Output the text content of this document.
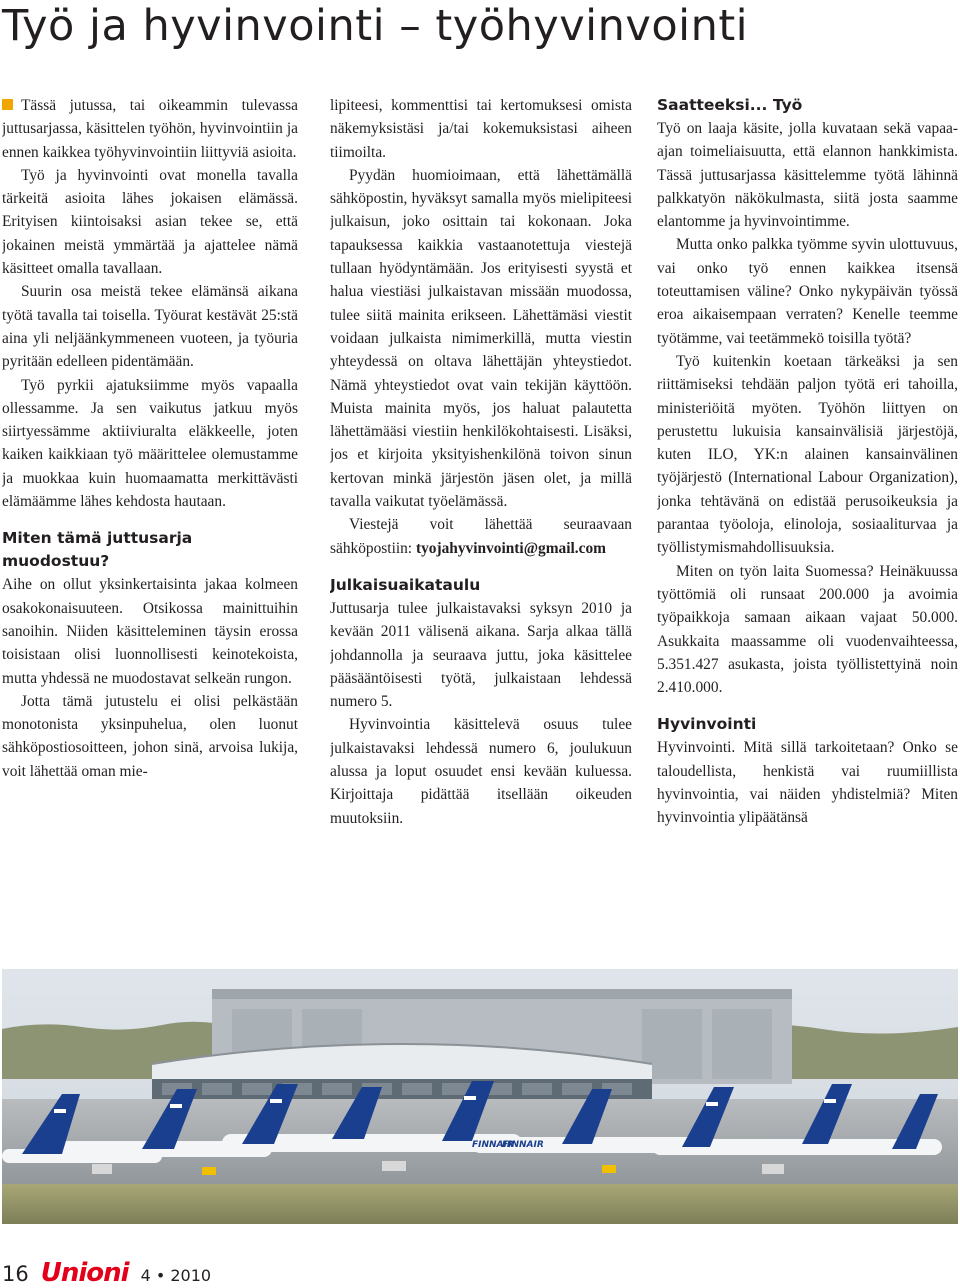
Työ ja hyvinvointi – työhyvinvointi

Tässä jutussa, tai oikeammin tulevassa juttusarjassa, käsittelen työhön, hyvinvointiin ja ennen kaikkea työhyvinvointiin liittyviä asioita.

Työ ja hyvinvointi ovat monella tavalla tärkeitä asioita lähes jokaisen elämässä. Erityisen kiintoisaksi asian tekee se, että jokainen meistä ymmärtää ja ajattelee nämä käsitteet omalla tavallaan.

Suurin osa meistä tekee elämänsä aikana työtä tavalla tai toisella. Työurat kestävät 25:stä aina yli neljäänkymmeneen vuoteen, ja työuria pyritään edelleen pidentämään.

Työ pyrkii ajatuksiimme myös vapaalla ollessamme. Ja sen vaikutus jatkuu myös siirtyessämme aktiiviuralta eläkkeelle, joten kaiken kaikkiaan työ määrittelee olemustamme ja muokkaa kuin huomaamatta merkittävästi elämäämme lähes kehdosta hautaan.

Miten tämä juttusarja muodostuu?

Aihe on ollut yksinkertaisinta jakaa kolmeen osakokonaisuuteen. Otsikossa mainittuihin sanoihin. Niiden käsitteleminen täysin erossa toisistaan olisi luonnollisesti keinotekoista, mutta yhdessä ne muodostavat selkeän rungon.

Jotta tämä jutustelu ei olisi pelkästään monotonista yksinpuhelua, olen luonut sähköpostiosoitteen, johon sinä, arvoisa lukija, voit lähettää oman mie-

lipiteesi, kommenttisi tai kertomuksesi omista näkemyksistäsi ja/tai kokemuksistasi aiheen tiimoilta.

Pyydän huomioimaan, että lähettämällä sähköpostin, hyväksyt samalla myös mielipiteesi julkaisun, joko osittain tai kokonaan. Joka tapauksessa kaikkia vastaanotettuja viestejä tullaan hyödyntämään. Jos erityisesti syystä et halua viestiäsi julkaistavan missään muodossa, tulee siitä mainita erikseen. Lähettämäsi viestit voidaan julkaista nimimerkillä, mutta viestin yhteydessä on oltava lähettäjän yhteystiedot. Nämä yhteystiedot ovat vain tekijän käyttöön. Muista mainita myös, jos haluat palautetta lähettämääsi viestiin henkilökohtaisesti. Lisäksi, jos et kirjoita yksityishenkilönä toivon sinun kertovan minkä järjestön jäsen olet, ja millä tavalla vaikutat työelämässä.

Viestejä voit lähettää seuraavaan sähköpostiin: tyojahyvinvointi@gmail.com

Julkaisuaikataulu

Juttusarja tulee julkaistavaksi syksyn 2010 ja kevään 2011 välisenä aikana. Sarja alkaa tällä johdannolla ja seuraava juttu, joka käsittelee pääsääntöisesti työtä, julkaistaan lehdessä numero 5.

Hyvinvointia käsittelevä osuus tulee julkaistavaksi lehdessä numero 6, joulukuun alussa ja loput osuudet ensi kevään kuluessa. Kirjoittaja pidättää itsellään oikeuden muutoksiin.

Saatteeksi... Työ

Työ on laaja käsite, jolla kuvataan sekä vapaa-ajan toimeliaisuutta, että elannon hankkimista. Tässä juttusarjassa käsittelemme työtä lähinnä palkkatyön näkökulmasta, siitä josta saamme elantomme ja hyvinvointimme.

Mutta onko palkka työmme syvin ulottuvuus, vai onko työ ennen kaikkea itsensä toteuttamisen väline? Onko nykypäivän työssä eroa aikaisempaan verraten? Kenelle teemme työtämme, vai teetämmekö toisilla työtä?

Työ kuitenkin koetaan tärkeäksi ja sen riittämiseksi tehdään paljon työtä eri tahoilla, ministeriöitä myöten. Työhön liittyen on perustettu lukuisia kansainvälisiä järjestöjä, kuten ILO, YK:n alainen kansainvälinen työjärjestö (International Labour Organization), jonka tehtävänä on edistää perusoikeuksia ja parantaa työoloja, elinoloja, sosiaaliturvaa ja työllistymismahdollisuuksia.

Miten on työn laita Suomessa? Heinäkuussa työttömiä oli runsaat 200.000 ja avoimia työpaikkoja samaan aikaan vajaat 50.000. Asukkaita maassamme oli vuodenvaihteessa, 5.351.427 asukasta, joista työllistettyinä noin 2.410.000.

Hyvinvointi

Hyvinvointi. Mitä sillä tarkoitetaan? Onko se taloudellista, henkistä vai ruumiillista hyvinvointia, vai näiden yhdistelmiä? Miten hyvinvointia ylipäätänsä

FINNAIR
FINNAIR
16 Unioni 4 • 2010
